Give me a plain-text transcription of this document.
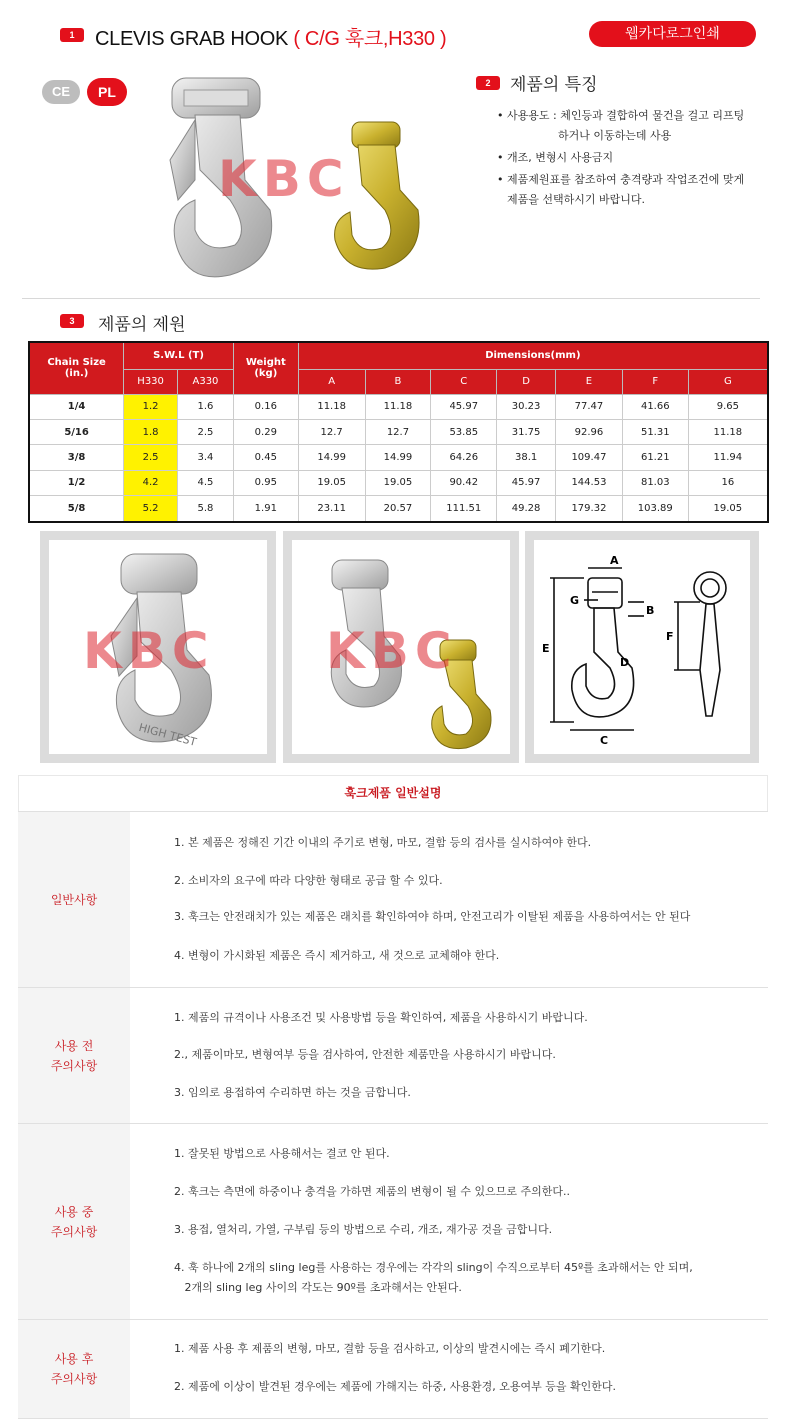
1	CLEVIS GRAB HOOK ( C/G 훅크,H330 )	웹카다로그인쇄
CE	PL
KBC
2	제품의 특징
• 사용용도 : 체인등과 결합하여 물건을 걸고 리프팅
하거나 이동하는데 사용
• 개조, 변형시 사용금지
• 제품제원표를 참조하여 충격량과 작업조건에 맞게
제품을 선택하시기 바랍니다.
3	제품의 제원
Chain Size
(in.)	S.W.L (T)		Weight
(kg)	Dimensions(mm)						
	H330	A330		A	B	C	D	E	F	G
1/4	1.2	1.6	0.16	11.18	11.18	45.97	30.23	77.47	41.66	9.65
5/16	1.8	2.5	0.29	12.7	12.7	53.85	31.75	92.96	51.31	11.18
3/8	2.5	3.4	0.45	14.99	14.99	64.26	38.1	109.47	61.21	11.94
1/2	4.2	4.5	0.95	19.05	19.05	90.42	45.97	144.53	81.03	16
5/8	5.2	5.8	1.91	23.11	20.57	111.51	49.28	179.32	103.89	19.05
HIGH TEST
KBC KBC
A
B
C
D
E
F
G
훅크제품 일반설명
일반사항
1. 본 제품은 정해진 기간 이내의 주기로 변형, 마모, 결함 등의 검사를 실시하여야 한다.
2. 소비자의 요구에 따라 다양한 형태로 공급 할 수 있다.
3. 훅크는 안전래치가 있는 제품은 래치를 확인하여야 하며, 안전고리가 이탈된 제품을 사용하여서는 안 된다
4. 변형이 가시화된 제품은 즉시 제거하고, 새 것으로 교체해야 한다.
사용 전
주의사항
1. 제품의 규격이나 사용조건 및 사용방법 등을 확인하여, 제품을 사용하시기 바랍니다.
2., 제품이마모, 변형여부 등을 검사하여, 안전한 제품만을 사용하시기 바랍니다.
3. 임의로 용접하여 수리하면 하는 것을 금합니다.
사용 중
주의사항
1. 잘못된 방법으로 사용해서는 결코 안 된다.
2. 훅크는 측면에 하중이나 충격을 가하면 제품의 변형이 될 수 있으므로 주의한다..
3. 용접, 열처리, 가열, 구부림 등의 방법으로 수리, 개조, 재가공 것을 금합니다.
4. 훅 하나에 2개의 sling leg를 사용하는 경우에는 각각의 sling이 수직으로부터 45º를 초과해서는 안 되며,
2개의 sling leg 사이의 각도는 90º를 초과해서는 안된다.
사용 후
주의사항
1. 제품 사용 후 제품의 변형, 마모, 결함 등을 검사하고, 이상의 발견시에는 즉시 폐기한다.
2. 제품에 이상이 발견된 경우에는 제품에 가해지는 하중, 사용환경, 오용여부 등을 확인한다.
